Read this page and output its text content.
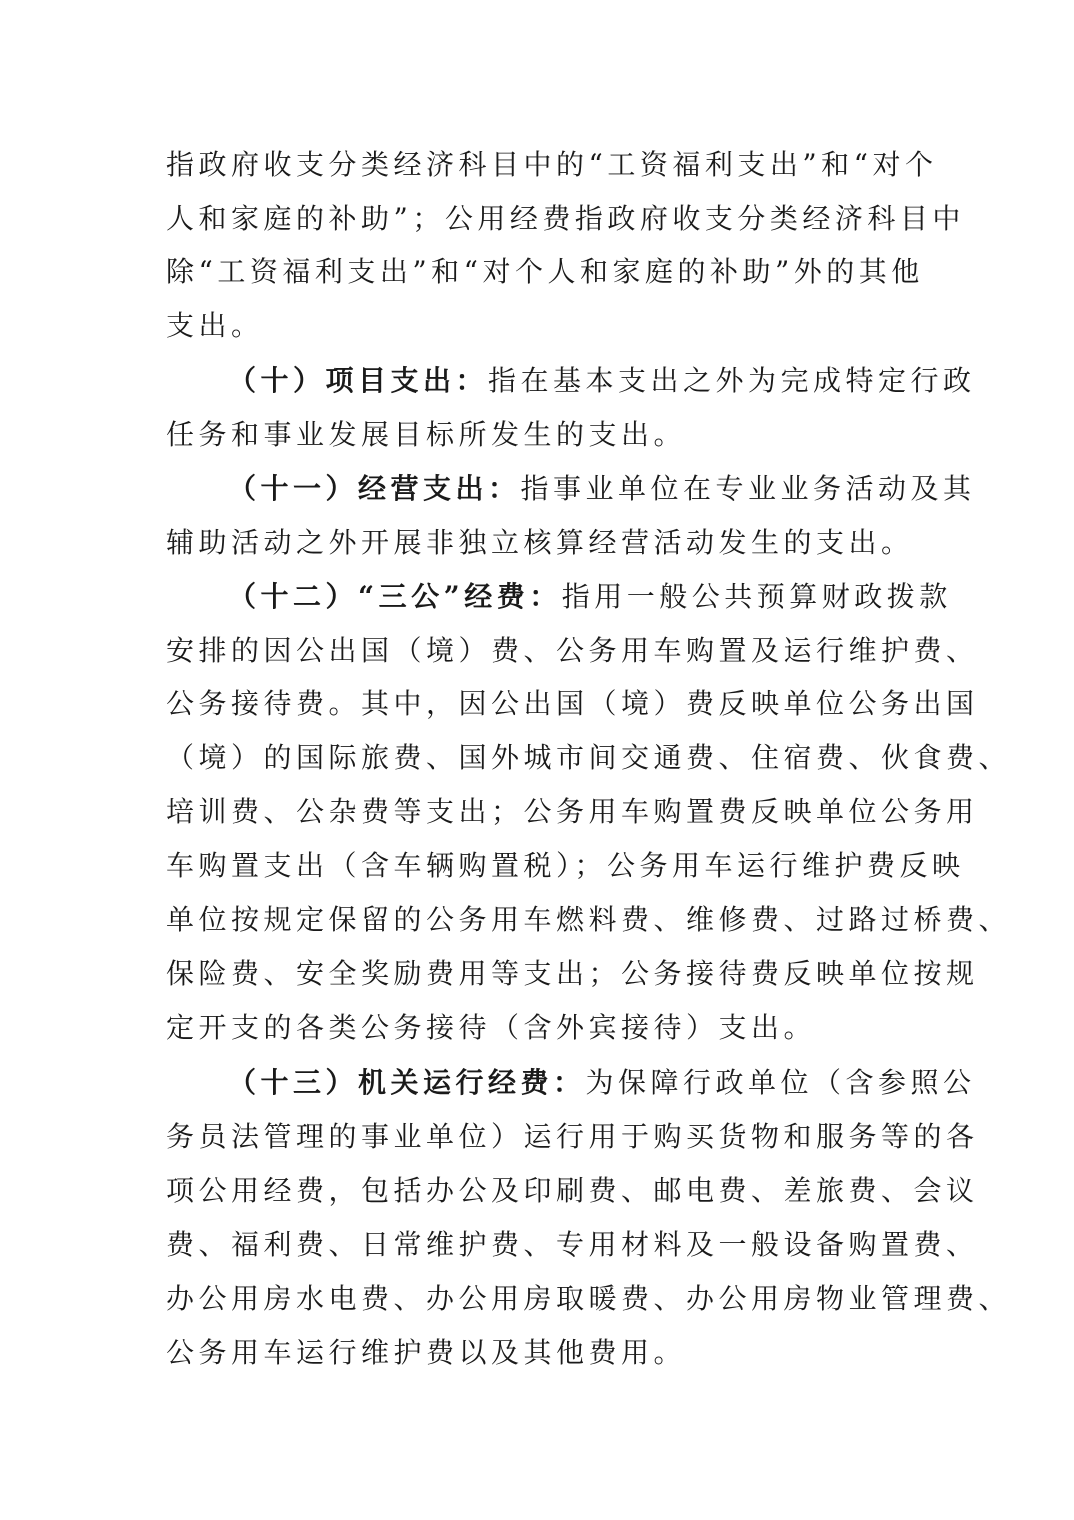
指政府收支分类经济科目中的“工资福利支出”和“对个
人和家庭的补助”；公用经费指政府收支分类经济科目中
除“工资福利支出”和“对个人和家庭的补助”外的其他
支出。
（十）项目支出：指在基本支出之外为完成特定行政
任务和事业发展目标所发生的支出。
（十一）经营支出：指事业单位在专业业务活动及其
辅助活动之外开展非独立核算经营活动发生的支出。
（十二）“三公”经费：指用一般公共预算财政拨款
安排的因公出国（境）费、公务用车购置及运行维护费、
公务接待费。其中，因公出国（境）费反映单位公务出国
（境）的国际旅费、国外城市间交通费、住宿费、伙食费、
培训费、公杂费等支出；公务用车购置费反映单位公务用
车购置支出（含车辆购置税）；公务用车运行维护费反映
单位按规定保留的公务用车燃料费、维修费、过路过桥费、
保险费、安全奖励费用等支出；公务接待费反映单位按规
定开支的各类公务接待（含外宾接待）支出。
（十三）机关运行经费：为保障行政单位（含参照公
务员法管理的事业单位）运行用于购买货物和服务等的各
项公用经费，包括办公及印刷费、邮电费、差旅费、会议
费、福利费、日常维护费、专用材料及一般设备购置费、
办公用房水电费、办公用房取暖费、办公用房物业管理费、
公务用车运行维护费以及其他费用。
